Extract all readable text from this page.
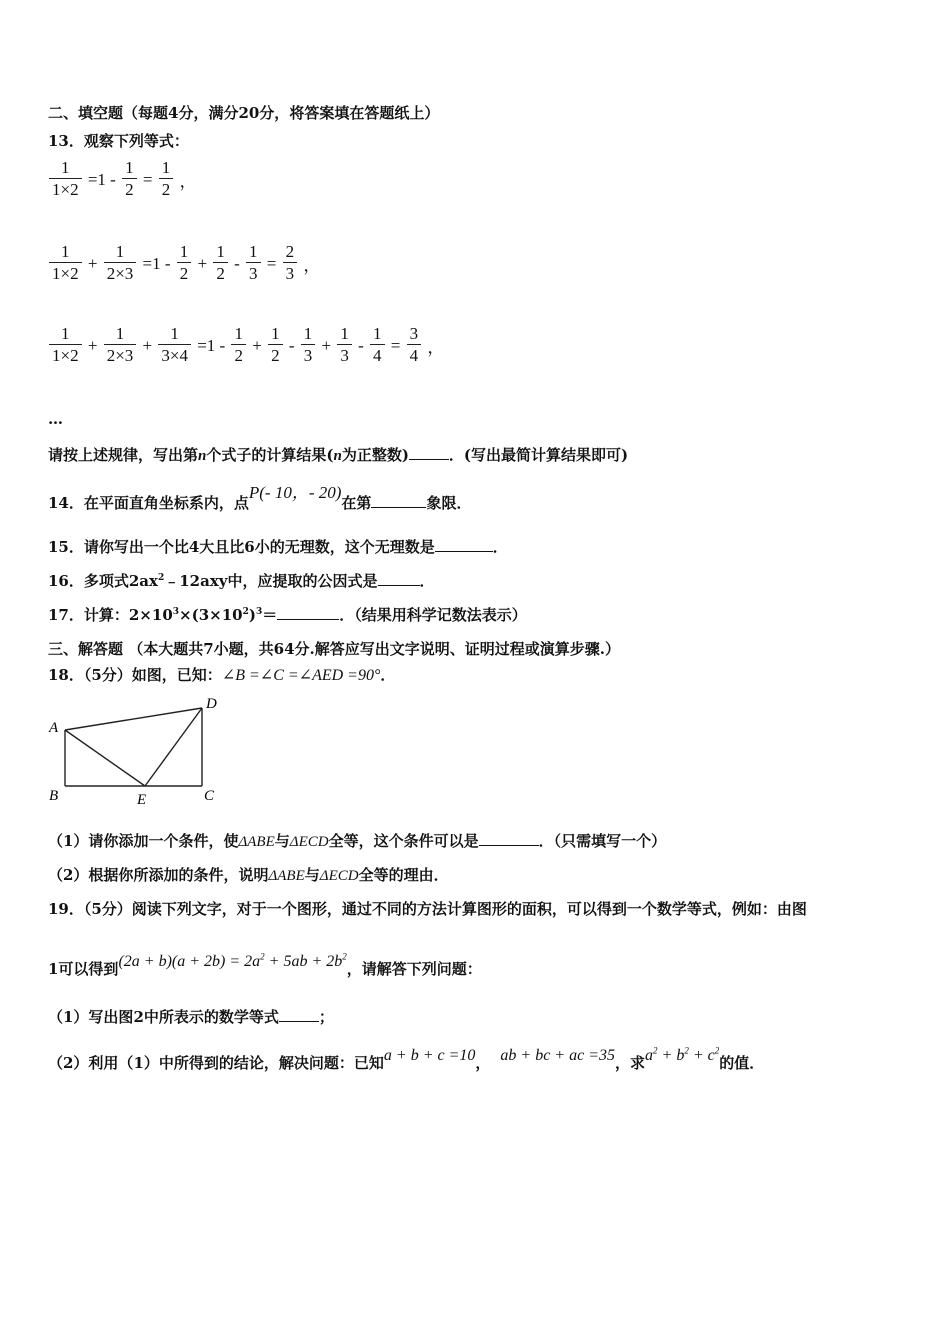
二、填空题（每题4分，满分20分，将答案填在答题纸上）
13．观察下列等式：
$\frac{1}{1\times 2} =1 - \frac{1}{2} = \frac{1}{2}$ ，
$\frac{1}{1\times 2} + \frac{1}{2\times 3} =1 - \frac{1}{2} + \frac{1}{2} - \frac{1}{3} = \frac{2}{3}$ ，
$\frac{1}{1\times 2} + \frac{1}{2\times 3} + \frac{1}{3\times 4} =1 - \frac{1}{2} + \frac{1}{2} - \frac{1}{3} + \frac{1}{3} - \frac{1}{4} = \frac{3}{4}$ ，
…
请按上述规律，写出第n个式子的计算结果(n为正整数)	．(写出最简计算结果即可)
14．在平面直角坐标系内，点P(- 10，- 20)在第	象限．
15．请你写出一个比4大且比6小的无理数，这个无理数是	．
16．多项式$2ax^2﹣12axy$中，应提取的公因式是	．
17．计算：$2\times 10^3\times(3\times 10^2)^3=$	．（结果用科学记数法表示）
三、解答题 （本大题共7小题，共64分.解答应写出文字说明、证明过程或演算步骤.）
18．（5分）如图，已知：∠B =∠C =∠AED =90°．
A
B	E	C
D
（1）请你添加一个条件，使ΔABE与ΔECD全等，这个条件可以是	．（只需填写一个）
（2）根据你所添加的条件，说明ΔABE与ΔECD全等的理由．
19．（5分）阅读下列文字，对于一个图形，通过不同的方法计算图形的面积，可以得到一个数学等式，例如：由图
1可以得到$(2a + b)(a + 2b) = 2a^2 + 5ab + 2b^2$，请解答下列问题：
（1）写出图2中所表示的数学等式	；
（2）利用（1）中所得到的结论，解决问题：已知a + b + c =10， ab + bc + ac =35，求$a^2 + b^2 + c^2$的值．
